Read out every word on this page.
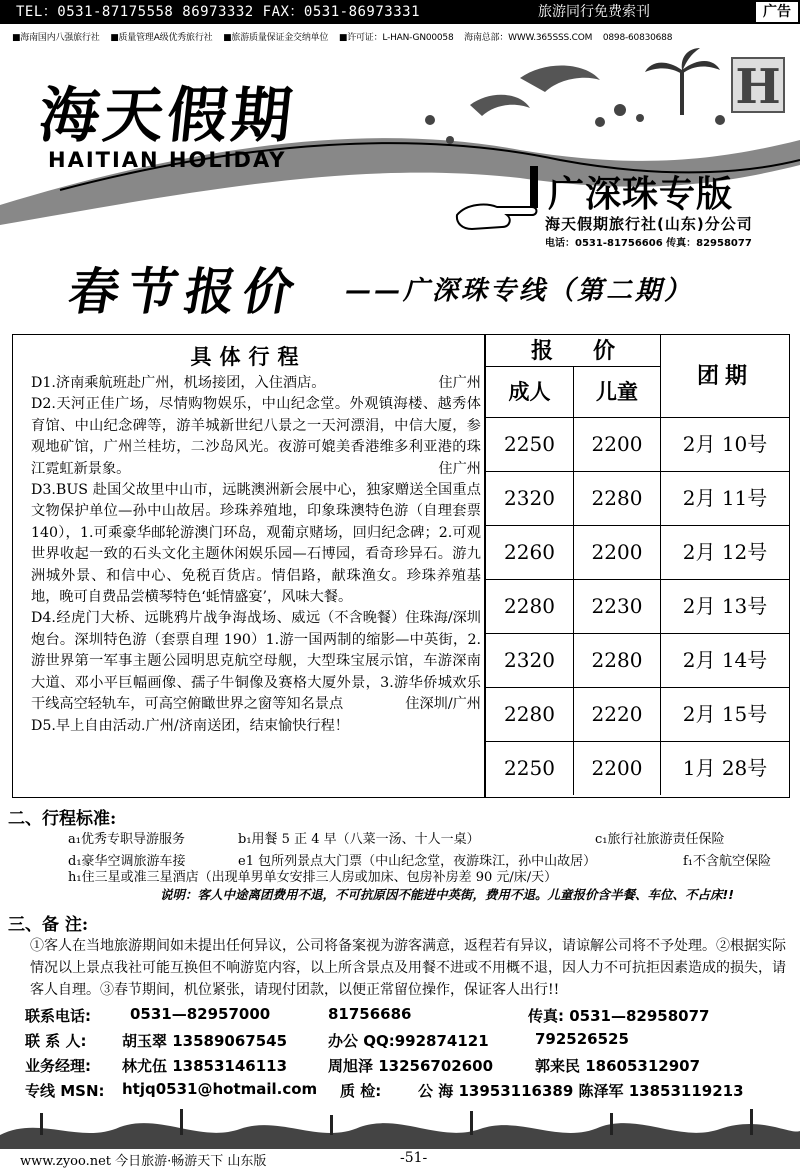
TEL：0531-87175558 86973332 FAX：0531-86973331	旅游同行免费索刊	广告
■海南国内八强旅行社 ■质量管理A级优秀旅行社 ■旅游质量保证金交纳单位 ■许可证：L-HAN-GN00058 海南总部：WWW.365SSS.COM 0898-60830688
H
海天假期
HAITIAN HOLIDAY
广深珠专版
海天假期旅行社(山东)分公司
电话：0531-81756606 传真：82958077
春节报价 ——广深珠专线（第二期）
具体行程

D1.济南乘航班赴广州，机场接团，入住酒店。	住广州

D2.天河正佳广场，尽情购物娱乐，中山纪念堂。外观镇海楼、越秀体育馆、中山纪念碑等，游羊城新世纪八景之一天河漂涓，中信大厦，参观地矿馆，广州兰桂坊，二沙岛风光。夜游可媲美香港维多利亚港的珠江霓虹新景象。	住广州

D3.BUS 赴国父故里中山市，远眺澳洲新会展中心，独家赠送全国重点文物保护单位—孙中山故居。珍珠养殖地，印象珠澳特色游（自理套票 140），1.可乘豪华邮轮游澳门环岛，观葡京赌场，回归纪念碑；2.可观世界收起一致的石头文化主题休闲娱乐园—石博园，看奇珍异石。游九洲城外景、和信中心、免税百货店。情侣路，献珠渔女。珍珠养殖基地，晚可自费品尝横琴特色‘蚝情盛宴’，风味大餐。
（不含晚餐）住珠海/深圳

D4.经虎门大桥、远眺鸦片战争海战场、威远炮台。深圳特色游（套票自理 190）1.游一国两制的缩影—中英街，2.游世界第一军事主题公园明思克航空母舰，大型珠宝展示馆，车游深南大道、邓小平巨幅画像、孺子牛铜像及赛格大厦外景，3.游华侨城欢乐干线高空轻轨车，可高空俯瞰世界之窗等知名景点	住深圳/广州

D5.早上自由活动.广州/济南送团，结束愉快行程！

报价
成人	儿童
团期
2250	2200	2月 10号
2320	2280	2月 11号
2260	2200	2月 12号
2280	2230	2月 13号
2320	2280	2月 14号
2280	2220	2月 15号
2250	2200	1月 28号
二、行程标准:
a₁优秀专职导游服务	b₁用餐 5 正 4 早（八菜一汤、十人一桌）	c₁旅行社旅游责任保险
d₁豪华空调旅游车接	e1 包所列景点大门票（中山纪念堂，夜游珠江，孙中山故居）	f₁不含航空保险
h₁住三星或准三星酒店（出现单男单女安排三人房或加床、包房补房差 90 元/床/天）
说明：客人中途离团费用不退，不可抗原因不能进中英街，费用不退。儿童报价含半餐、车位、不占床!!
三、备 注:
①客人在当地旅游期间如未提出任何异议，公司将备案视为游客满意，返程若有异议，请谅解公司将不予处理。②根据实际情况以上景点我社可能互换但不响游览内容，以上所含景点及用餐不进或不用概不退，因人力不可抗拒因素造成的损失，请客人自理。③春节期间，机位紧张，请现付团款，以便正常留位操作，保证客人出行!!
联系电话:	0531—82957000	81756686	传真: 0531—82958077
联 系 人: 胡玉翠 13589067545	办公 QQ:992874121	792526525
业务经理: 林尤伍 13853146113	周旭泽 13256702600	郭来民 18605312907
专线 MSN: htjq0531@hotmail.com 质 检: 公 海 13953116389 陈泽军 13853119213
www.zyoo.net 今日旅游·畅游天下 山东版	-51-
